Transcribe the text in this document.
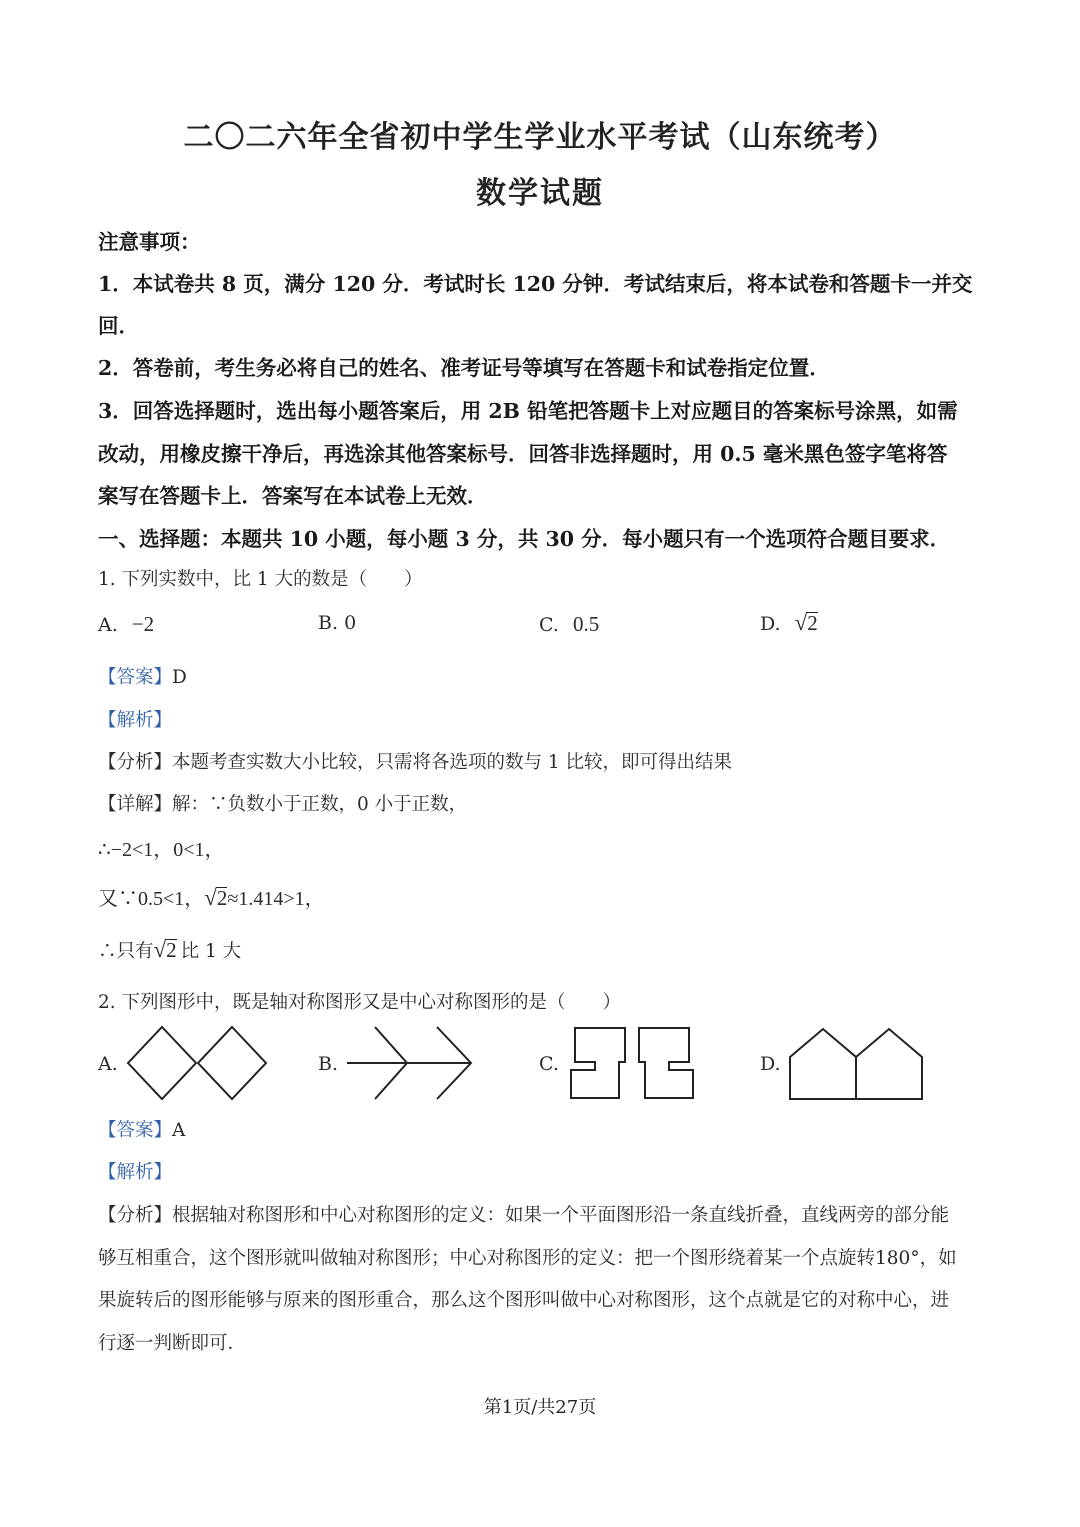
二〇二六年全省初中学生学业水平考试（山东统考）
数学试题
注意事项：
1．本试卷共 8 页，满分 120 分．考试时长 120 分钟．考试结束后，将本试卷和答题卡一并交
回．
2．答卷前，考生务必将自己的姓名、准考证号等填写在答题卡和试卷指定位置．
3．回答选择题时，选出每小题答案后，用 2B 铅笔把答题卡上对应题目的答案标号涂黑，如需
改动，用橡皮擦干净后，再选涂其他答案标号．回答非选择题时，用 0.5 毫米黑色签字笔将答
案写在答题卡上．答案写在本试卷上无效．
一、选择题：本题共 10 小题，每小题 3 分，共 30 分．每小题只有一个选项符合题目要求．
1. 下列实数中，比 1 大的数是（　　）
A. −2	B. 0	C. 0.5	D. √2
【答案】D
【解析】
【分析】本题考查实数大小比较，只需将各选项的数与 1 比较，即可得出结果
【详解】解：∵负数小于正数，0 小于正数，
∴−2<1，0<1，
又∵0.5<1，√2≈1.414>1，
∴只有√2 比 1 大
2. 下列图形中，既是轴对称图形又是中心对称图形的是（　　）
A.	B.	C.	D.
【答案】A
【解析】
【分析】根据轴对称图形和中心对称图形的定义：如果一个平面图形沿一条直线折叠，直线两旁的部分能
够互相重合，这个图形就叫做轴对称图形；中心对称图形的定义：把一个图形绕着某一个点旋转180°，如
果旋转后的图形能够与原来的图形重合，那么这个图形叫做中心对称图形，这个点就是它的对称中心，进
行逐一判断即可．
第1页/共27页
